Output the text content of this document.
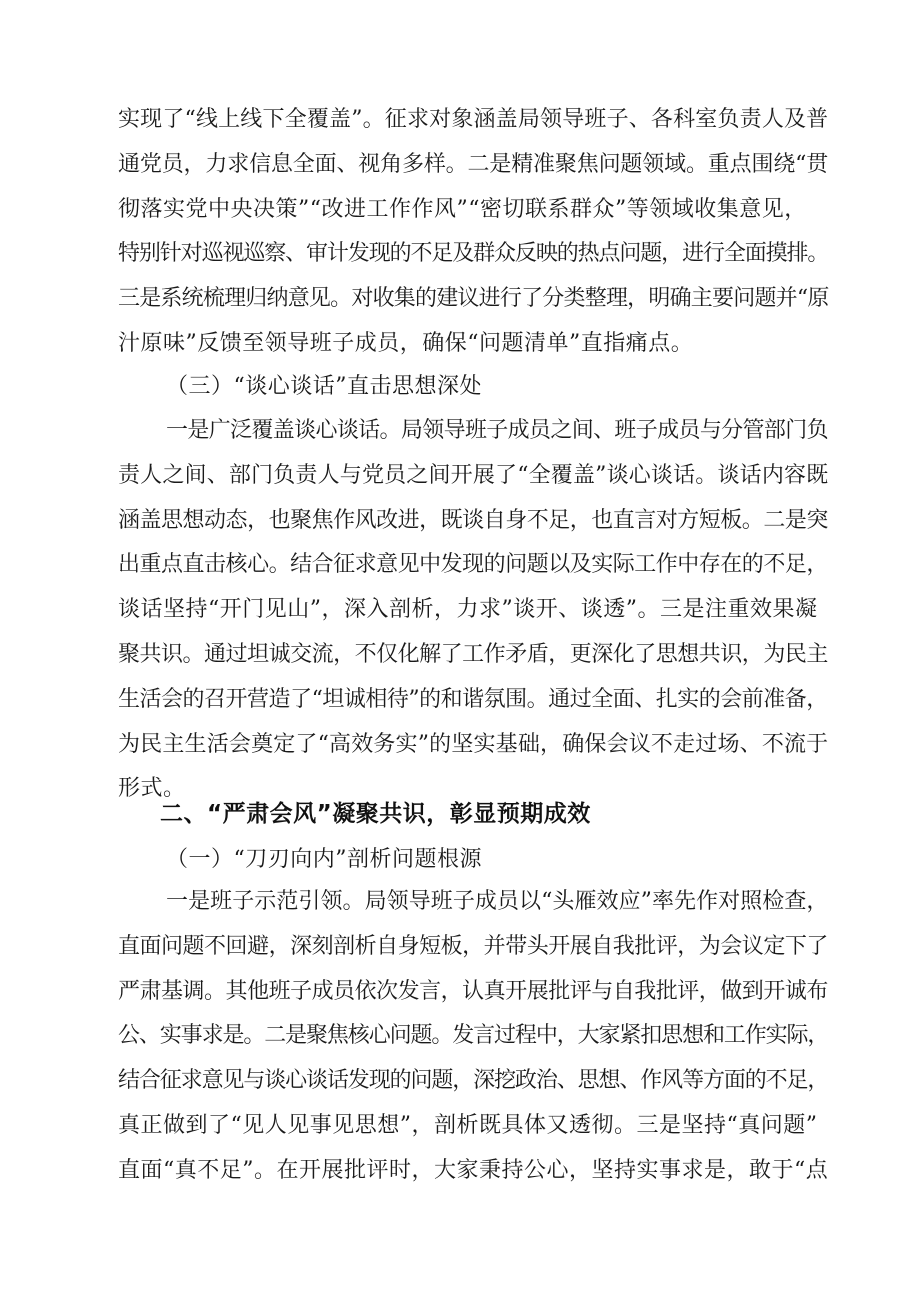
实现了“线上线下全覆盖”。征求对象涵盖局领导班子、各科室负责人及普
通党员，力求信息全面、视角多样。二是精准聚焦问题领域。重点围绕“贯
彻落实党中央决策”“改进工作作风”“密切联系群众”等领域收集意见，
特别针对巡视巡察、审计发现的不足及群众反映的热点问题，进行全面摸排。
三是系统梳理归纳意见。对收集的建议进行了分类整理，明确主要问题并“原
汁原味”反馈至领导班子成员，确保“问题清单”直指痛点。
（三）“谈心谈话”直击思想深处
一是广泛覆盖谈心谈话。局领导班子成员之间、班子成员与分管部门负
责人之间、部门负责人与党员之间开展了“全覆盖”谈心谈话。谈话内容既
涵盖思想动态，也聚焦作风改进，既谈自身不足，也直言对方短板。二是突
出重点直击核心。结合征求意见中发现的问题以及实际工作中存在的不足，
谈话坚持“开门见山”，深入剖析，力求”谈开、谈透”。三是注重效果凝
聚共识。通过坦诚交流，不仅化解了工作矛盾，更深化了思想共识，为民主
生活会的召开营造了“坦诚相待”的和谐氛围。通过全面、扎实的会前准备，
为民主生活会奠定了“高效务实”的坚实基础，确保会议不走过场、不流于
形式。
二、“严肃会风”凝聚共识，彰显预期成效
（一）“刀刃向内”剖析问题根源
一是班子示范引领。局领导班子成员以“头雁效应”率先作对照检查，
直面问题不回避，深刻剖析自身短板，并带头开展自我批评，为会议定下了
严肃基调。其他班子成员依次发言，认真开展批评与自我批评，做到开诚布
公、实事求是。二是聚焦核心问题。发言过程中，大家紧扣思想和工作实际，
结合征求意见与谈心谈话发现的问题，深挖政治、思想、作风等方面的不足，
真正做到了“见人见事见思想”，剖析既具体又透彻。三是坚持“真问题”
直面“真不足”。在开展批评时，大家秉持公心，坚持实事求是，敢于“点
